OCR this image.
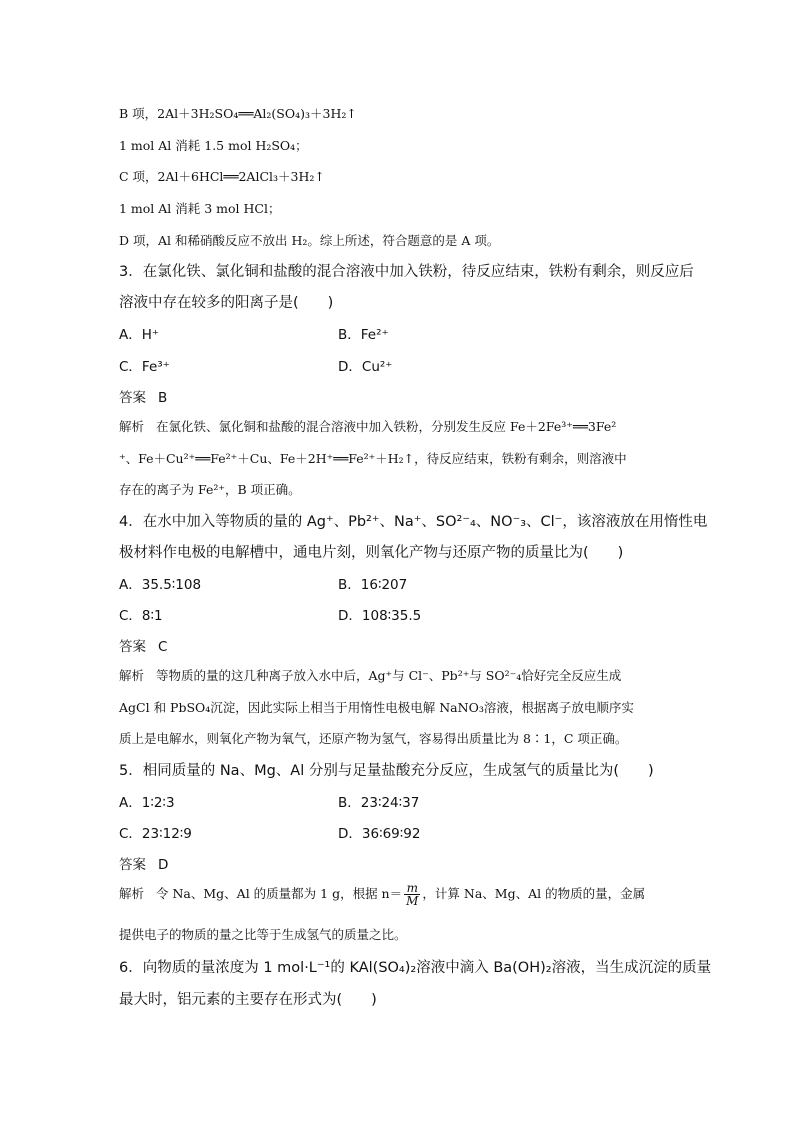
B 项，2Al＋3H₂SO₄══Al₂(SO₄)₃＋3H₂↑
1 mol Al 消耗 1.5 mol H₂SO₄；
C 项，2Al＋6HCl══2AlCl₃＋3H₂↑
1 mol Al 消耗 3 mol HCl；
D 项，Al 和稀硝酸反应不放出 H₂。综上所述，符合题意的是 A 项。
3．在氯化铁、氯化铜和盐酸的混合溶液中加入铁粉，待反应结束，铁粉有剩余，则反应后
溶液中存在较多的阳离子是(　　)
A．H⁺	B．Fe²⁺
C．Fe³⁺	D．Cu²⁺
答案 B
解析 在氯化铁、氯化铜和盐酸的混合溶液中加入铁粉，分别发生反应 Fe＋2Fe³⁺══3Fe²
⁺、Fe＋Cu²⁺══Fe²⁺＋Cu、Fe＋2H⁺══Fe²⁺＋H₂↑，待反应结束，铁粉有剩余，则溶液中
存在的离子为 Fe²⁺，B 项正确。
4．在水中加入等物质的量的 Ag⁺、Pb²⁺、Na⁺、SO²⁻₄、NO⁻₃、Cl⁻，该溶液放在用惰性电
极材料作电极的电解槽中，通电片刻，则氧化产物与还原产物的质量比为(　　)
A．35.5∶108	B．16∶207
C．8∶1	D．108∶35.5
答案 C
解析 等物质的量的这几种离子放入水中后，Ag⁺与 Cl⁻、Pb²⁺与 SO²⁻₄恰好完全反应生成
AgCl 和 PbSO₄沉淀，因此实际上相当于用惰性电极电解 NaNO₃溶液，根据离子放电顺序实
质上是电解水，则氧化产物为氧气，还原产物为氢气，容易得出质量比为 8∶1，C 项正确。
5．相同质量的 Na、Mg、Al 分别与足量盐酸充分反应，生成氢气的质量比为(　　)
A．1∶2∶3	B．23∶24∶37
C．23∶12∶9	D．36∶69∶92
答案 D
解析 令 Na、Mg、Al 的质量都为 1 g，根据 $n= \frac{m}{M}$ ，计算 Na、Mg、Al 的物质的量，金属
提供电子的物质的量之比等于生成氢气的质量之比。
6．向物质的量浓度为 1 mol·L⁻¹的 KAl(SO₄)₂溶液中滴入 Ba(OH)₂溶液，当生成沉淀的质量
最大时，铝元素的主要存在形式为(　　)
